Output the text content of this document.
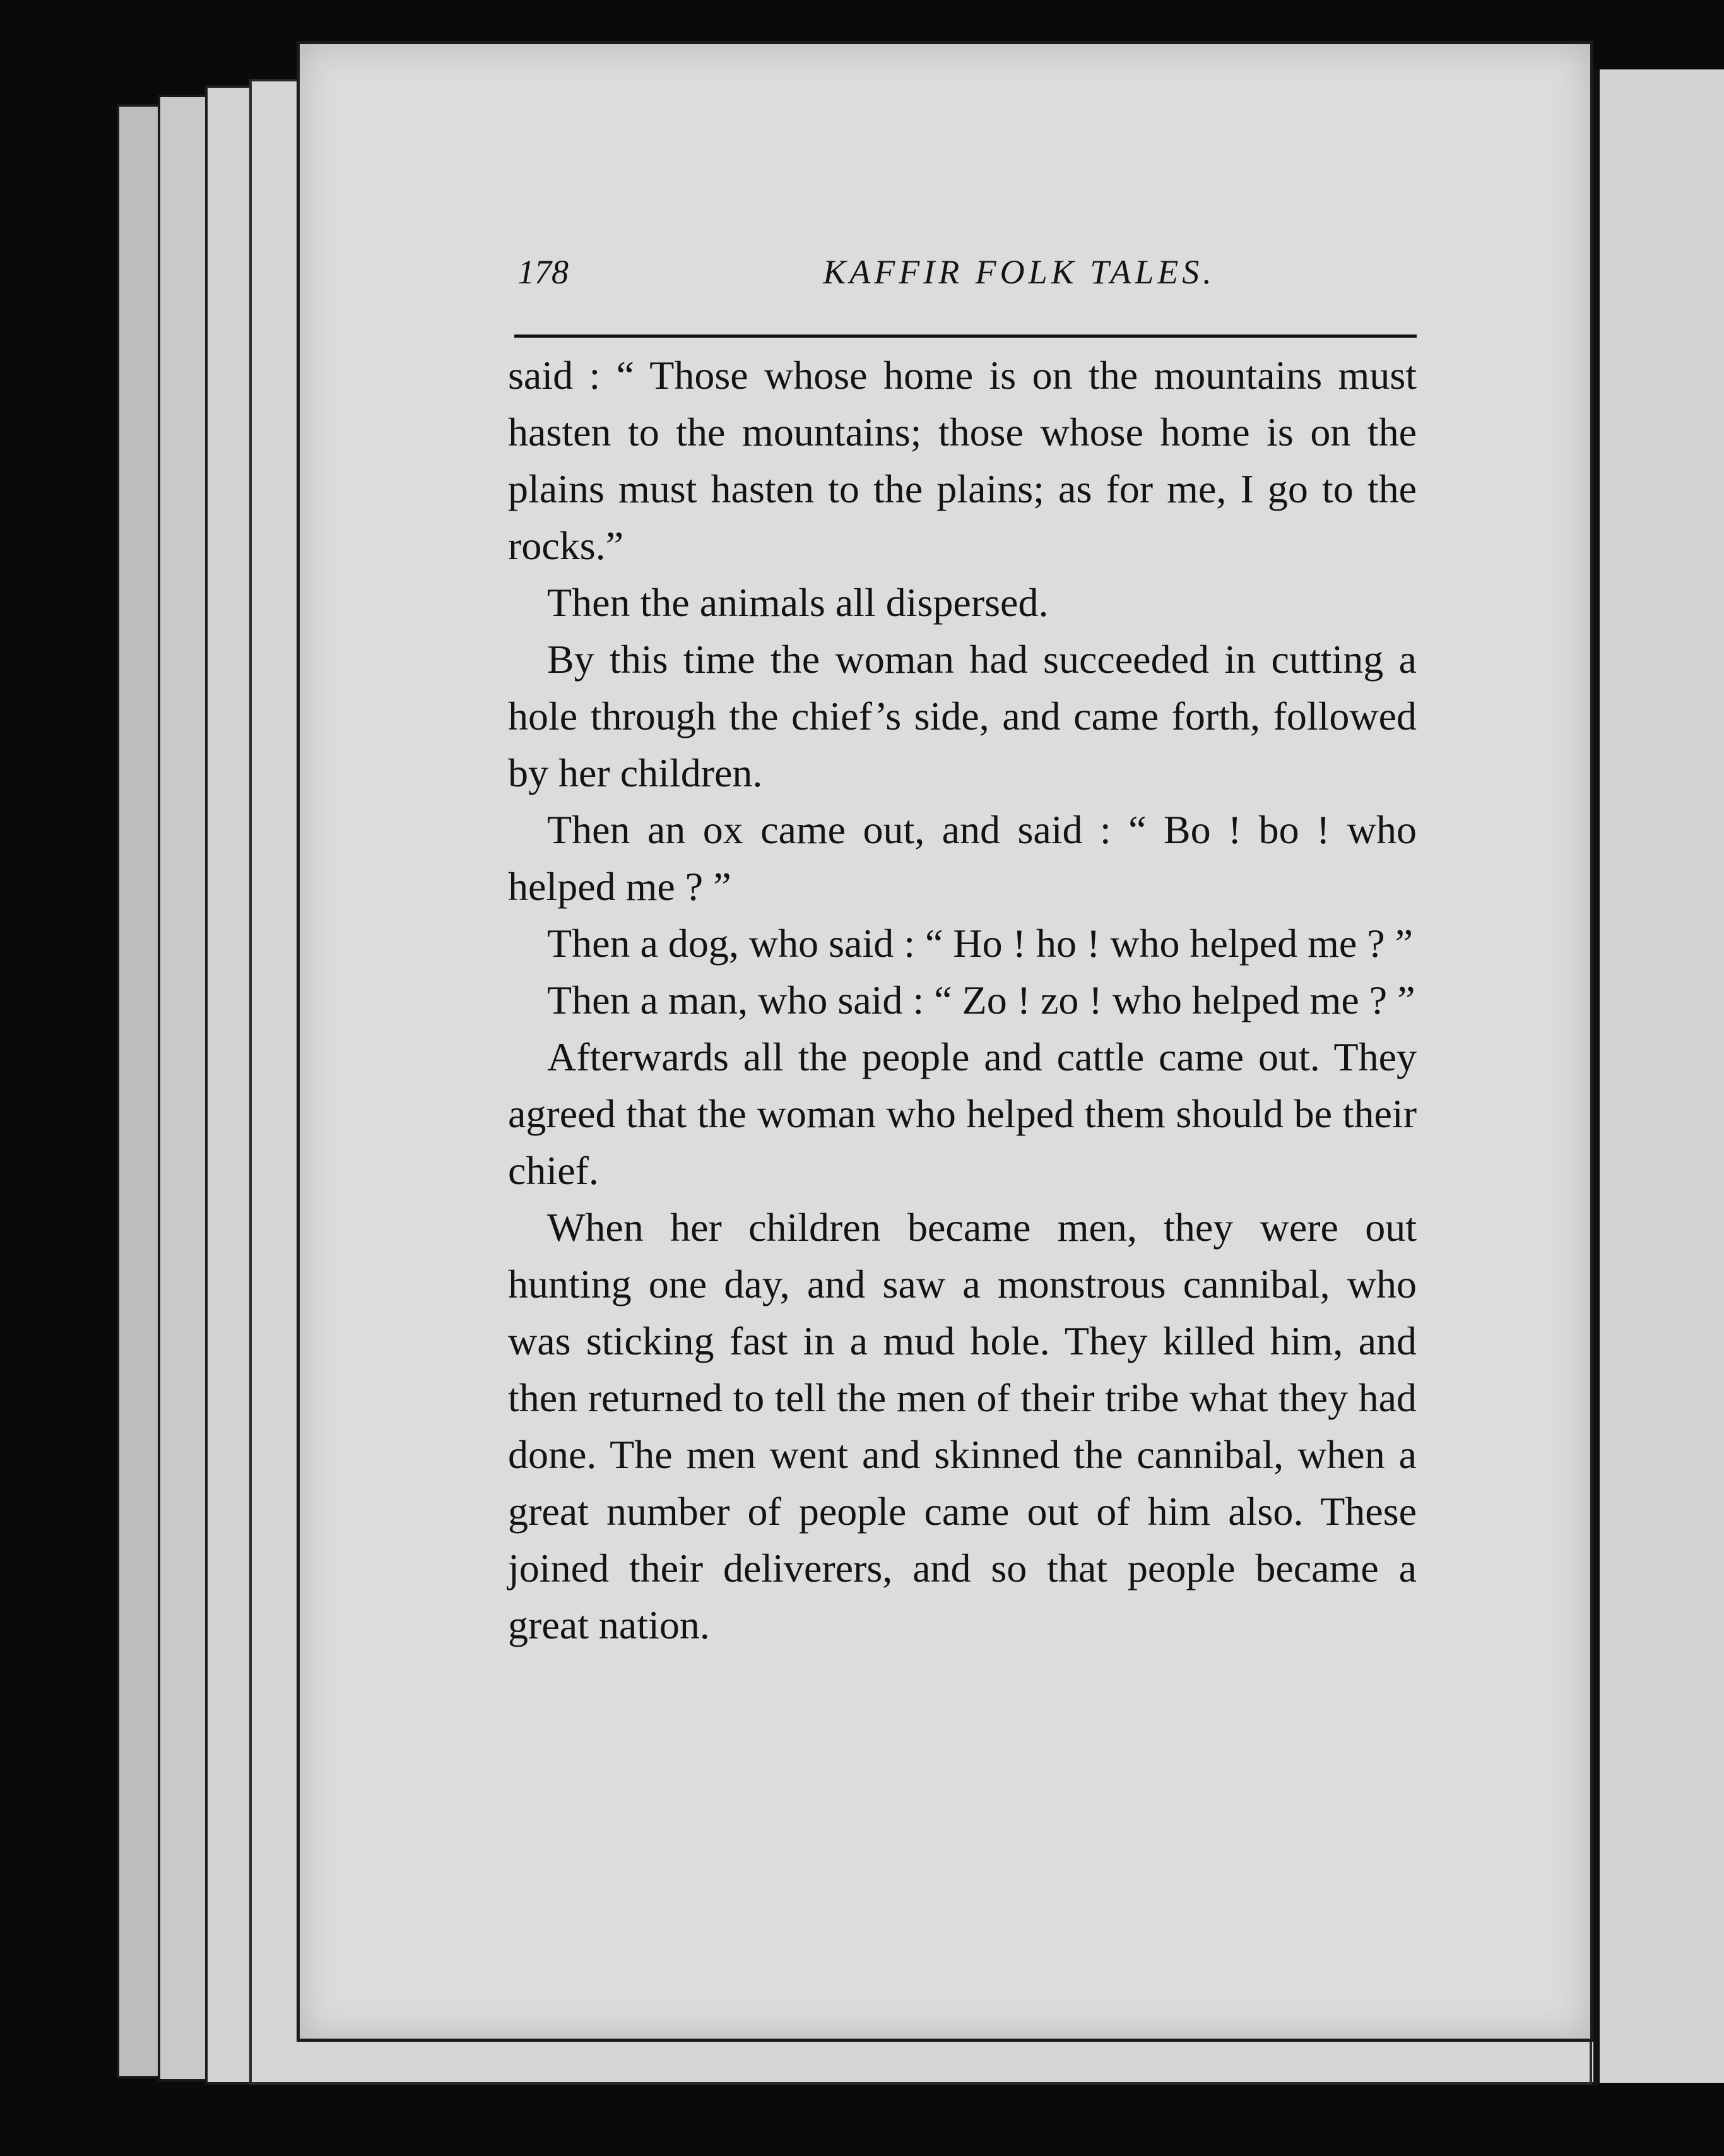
178	KAFFIR FOLK TALES.

said : “ Those whose home is on the mountains must hasten to the mountains; those whose home is on the plains must hasten to the plains; as for me, I go to the rocks.”

Then the animals all dispersed.

By this time the woman had succeeded in cutting a hole through the chief’s side, and came forth, followed by her children.

Then an ox came out, and said : “ Bo ! bo ! who helped me ? ”

Then a dog, who said : “ Ho ! ho ! who helped me ? ”

Then a man, who said : “ Zo ! zo ! who helped me ? ”

Afterwards all the people and cattle came out. They agreed that the woman who helped them should be their chief.

When her children became men, they were out hunting one day, and saw a monstrous cannibal, who was sticking fast in a mud hole. They killed him, and then returned to tell the men of their tribe what they had done. The men went and skinned the cannibal, when a great number of people came out of him also. These joined their deliverers, and so that people became a great nation.
